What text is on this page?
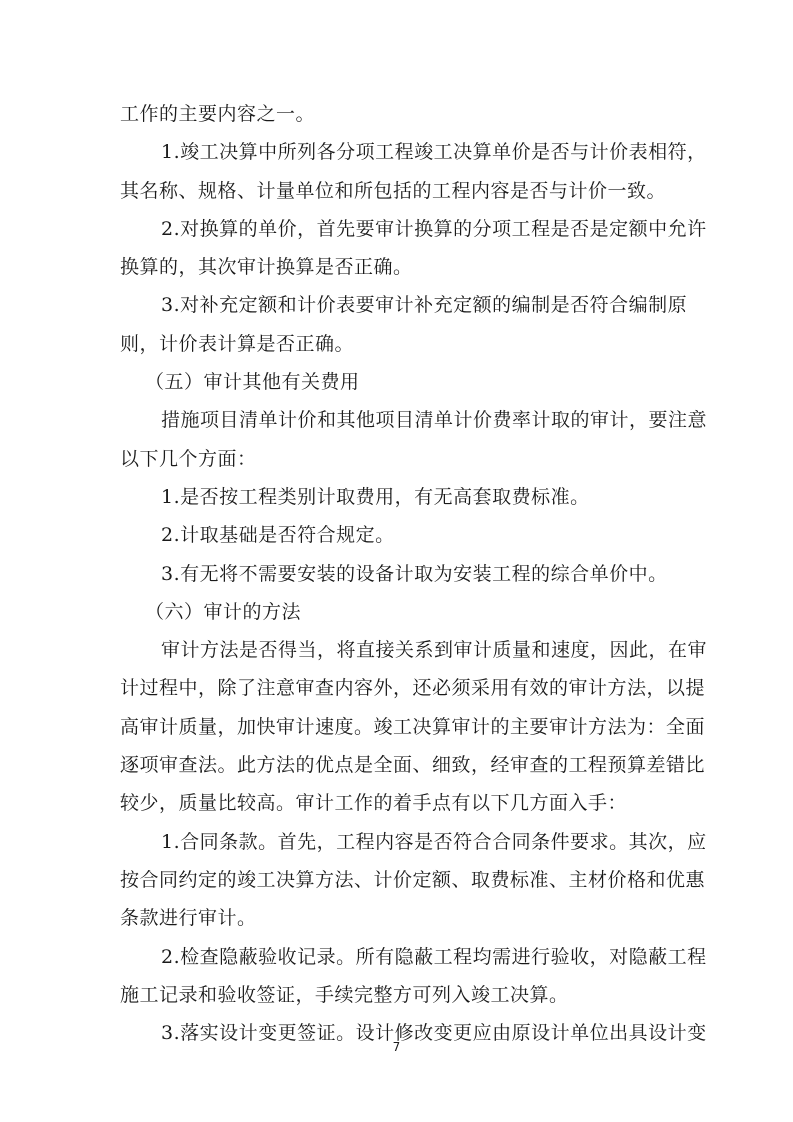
工作的主要内容之一。

1.竣工决算中所列各分项工程竣工决算单价是否与计价表相符，

其名称、规格、计量单位和所包括的工程内容是否与计价一致。

2.对换算的单价，首先要审计换算的分项工程是否是定额中允许

换算的，其次审计换算是否正确。

3.对补充定额和计价表要审计补充定额的编制是否符合编制原

则，计价表计算是否正确。

（五）审计其他有关费用

措施项目清单计价和其他项目清单计价费率计取的审计，要注意

以下几个方面：

1.是否按工程类别计取费用，有无高套取费标准。

2.计取基础是否符合规定。

3.有无将不需要安装的设备计取为安装工程的综合单价中。

（六）审计的方法

审计方法是否得当，将直接关系到审计质量和速度，因此，在审

计过程中，除了注意审查内容外，还必须采用有效的审计方法，以提

高审计质量，加快审计速度。竣工决算审计的主要审计方法为：全面

逐项审查法。此方法的优点是全面、细致，经审查的工程预算差错比

较少，质量比较高。审计工作的着手点有以下几方面入手：

1.合同条款。首先，工程内容是否符合合同条件要求。其次，应

按合同约定的竣工决算方法、计价定额、取费标准、主材价格和优惠

条款进行审计。

2.检查隐蔽验收记录。所有隐蔽工程均需进行验收，对隐蔽工程

施工记录和验收签证，手续完整方可列入竣工决算。

3.落实设计变更签证。设计修改变更应由原设计单位出具设计变

7
